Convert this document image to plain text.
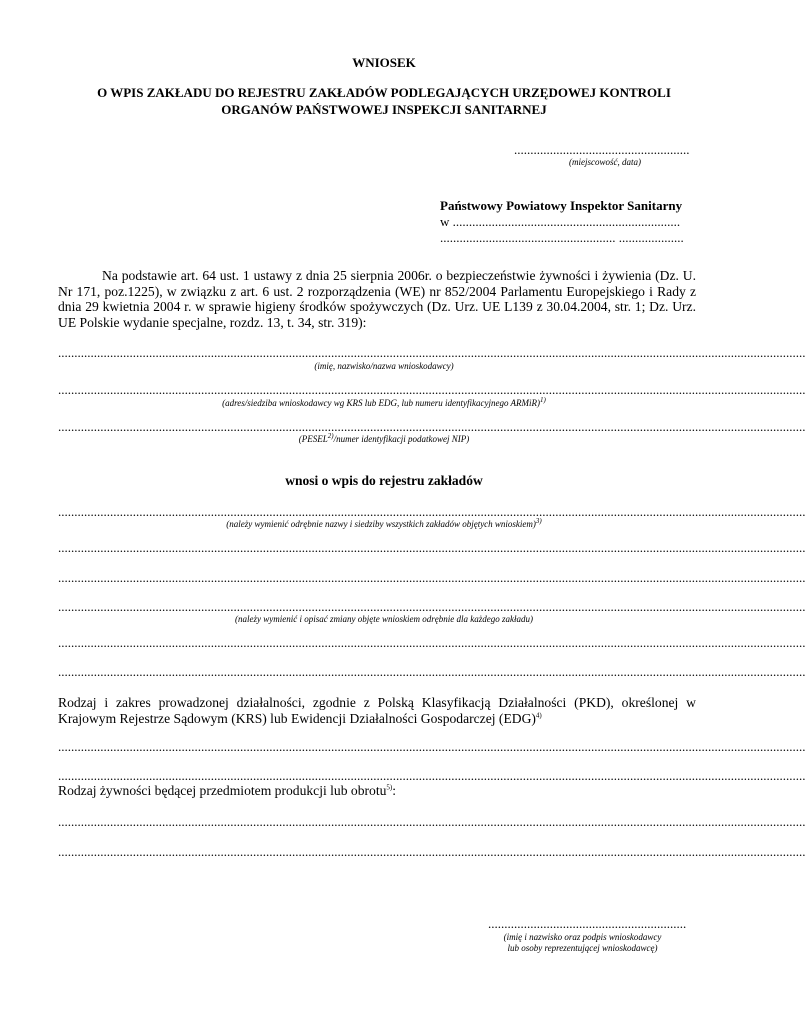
WNIOSEK
O WPIS ZAKŁADU DO REJESTRU ZAKŁADÓW PODLEGAJĄCYCH URZĘDOWEJ KONTROLI
ORGANÓW PAŃSTWOWEJ INSPEKCJI SANITARNEJ
......................................................
(miejscowość, data)
Państwowy Powiatowy Inspektor Sanitarny
w ......................................................................
...................................................... ....................
Na podstawie art. 64 ust. 1 ustawy z dnia 25 sierpnia 2006r. o bezpieczeństwie żywności i żywienia (Dz. U. Nr 171, poz.1225), w związku z art. 6 ust. 2 rozporządzenia (WE) nr 852/2004 Parlamentu Europejskiego i Rady z dnia 29 kwietnia 2004 r. w sprawie higieny środków spożywczych (Dz. Urz. UE L139 z 30.04.2004, str. 1; Dz. Urz. UE Polskie wydanie specjalne, rozdz. 13, t. 34, str. 319):
......................................................................................................................................................................................................................................
(imię, nazwisko/nazwa wnioskodawcy)
......................................................................................................................................................................................................................................
(adres/siedziba wnioskodawcy wg KRS lub EDG, lub numeru identyfikacyjnego ARMiR)$^{1)}$
......................................................................................................................................................................................................................................
(PESEL$^{2)}$/numer identyfikacji podatkowej NIP)
wnosi o wpis do rejestru zakładów
......................................................................................................................................................................................................................................
(należy wymienić odrębnie nazwy i siedziby wszystkich zakładów objętych wnioskiem)$^{3)}$
......................................................................................................................................................................................................................................
......................................................................................................................................................................................................................................
......................................................................................................................................................................................................................................
(należy wymienić i opisać zmiany objęte wnioskiem odrębnie dla każdego zakładu)
......................................................................................................................................................................................................................................
......................................................................................................................................................................................................................................
Rodzaj i zakres prowadzonej działalności, zgodnie z Polską Klasyfikacją Działalności (PKD), określonej w Krajowym Rejestrze Sądowym (KRS) lub Ewidencji Działalności Gospodarczej (EDG)$^{4)}$
......................................................................................................................................................................................................................................
......................................................................................................................................................................................................................................
Rodzaj żywności będącej przedmiotem produkcji lub obrotu$^{5)}$:
......................................................................................................................................................................................................................................
......................................................................................................................................................................................................................................
.............................................................
(imię i nazwisko oraz podpis wnioskodawcy
lub osoby reprezentującej wnioskodawcę)
